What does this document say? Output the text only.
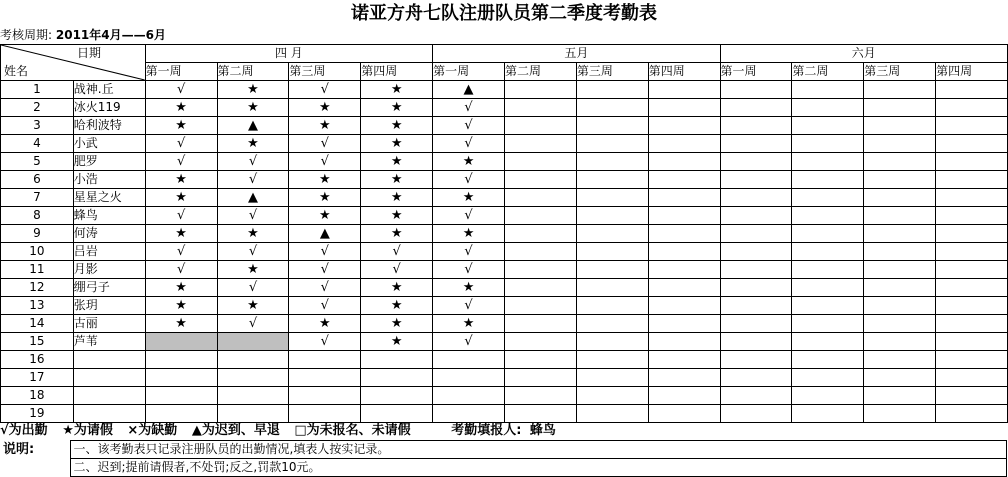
诺亚方舟七队注册队员第二季度考勤表
考核周期: 2011年4月——6月
日期
姓名		四 月				五月				六月			
		第一周	第二周	第三周	第四周	第一周	第二周	第三周	第四周	第一周	第二周	第三周	第四周
1	战神.丘	√	★	√	★	▲							
2	冰火119	★	★	★	★	√							
3	哈利波特	★	▲	★	★	√							
4	小武	√	★	√	★	√							
5	肥罗	√	√	√	★	★							
6	小浩	★	√	★	★	√							
7	星星之火	★	▲	★	★	★							
8	蜂鸟	√	√	★	★	√							
9	何涛	★	★	▲	★	★							
10	吕岩	√	√	√	√	√							
11	月影	√	★	√	√	√							
12	绷弓子	★	√	√	★	★							
13	张玥	★	★	√	★	√							
14	古丽	★	√	★	★	★							
15	芦苇			√	★	√							
16													
17													
18													
19													
√为出勤 ★为请假 ×为缺勤 ▲为迟到、早退 □为未报名、未请假	考勤填报人: 蜂鸟
说明:	一、该考勤表只记录注册队员的出勤情况,填表人按实记录。
	二、迟到;提前请假者,不处罚;反之,罚款10元。
